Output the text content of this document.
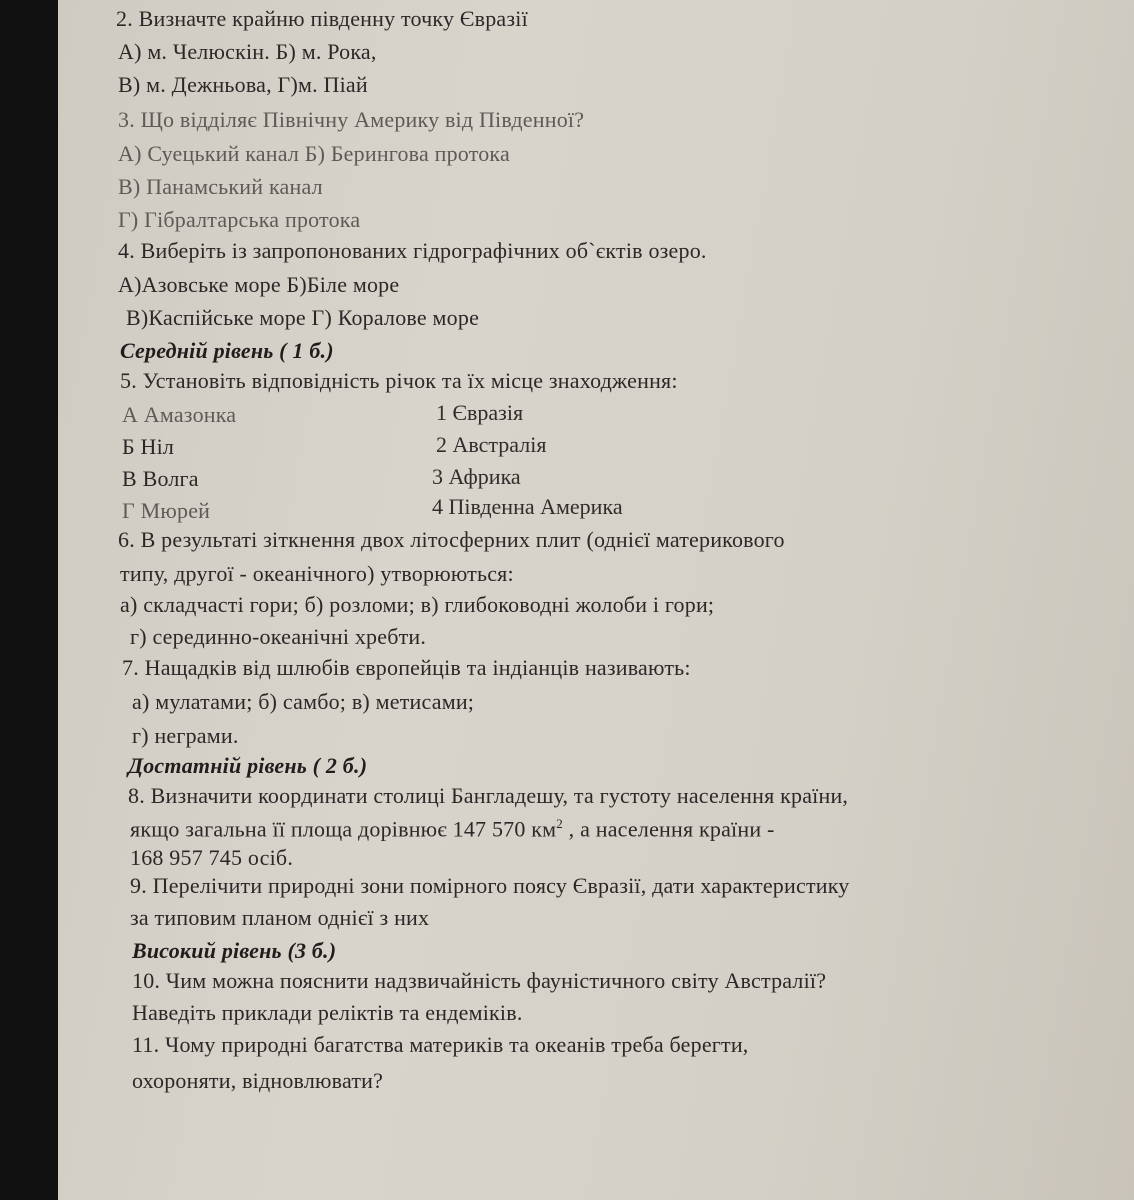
2. Визначте крайню південну точку Євразії
А) м. Челюскін. Б) м. Рока,
В) м. Дежньова, Г)м. Піай
3. Що відділяє Північну Америку від Південної?
А) Суецький канал Б) Берингова протока
В) Панамський канал
Г) Гібралтарська протока
4. Виберіть із запропонованих гідрографічних об`єктів озеро.
А)Азовське море Б)Біле море
В)Каспійське море Г) Коралове море
Середній рівень ( 1 б.)
5. Установіть відповідність річок та їх місце знаходження:
А Амазонка
Б Ніл
В Волга
Г Мюрей
1 Євразія
2 Австралія
3 Африка
4 Південна Америка
6. В результаті зіткнення двох літосферних плит (однієї материкового
типу, другої - океанічного) утворюються:
а) складчасті гори; б) розломи; в) глибоководні жолоби і гори;
г) серединно-океанічні хребти.
7. Нащадків від шлюбів європейців та індіанців називають:
а) мулатами; б) самбо; в) метисами;
г) неграми.
Достатній рівень ( 2 б.)
8. Визначити координати столиці Бангладешу, та густоту населення країни,
якщо загальна її площа дорівнює 147 570 $км^2$ , а населення країни -
168 957 745 осіб.
9. Перелічити природні зони помірного поясу Євразії, дати характеристику
за типовим планом однієї з них
Високий рівень (3 б.)
10. Чим можна пояснити надзвичайність фауністичного світу Австралії?
Наведіть приклади реліктів та ендеміків.
11. Чому природні багатства материків та океанів треба берегти,
охороняти, відновлювати?
